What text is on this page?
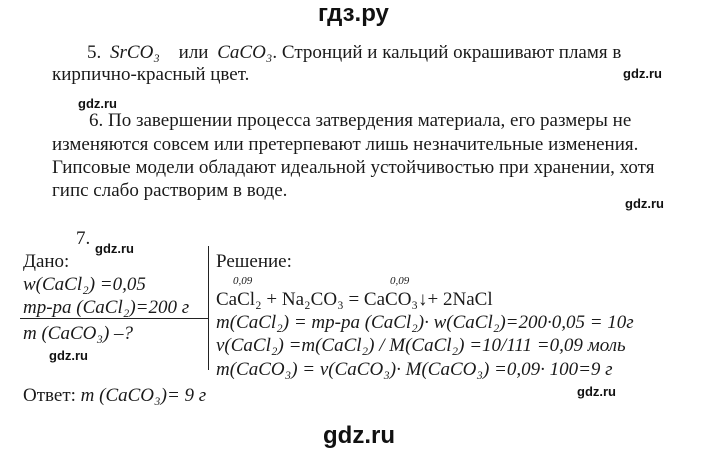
гдз.ру
5. SrCO₃ или CaCO₃. Стронций и кальций окрашивают пламя в
кирпично-красный цвет.	gdz.ru
gdz.ru
6. По завершении процесса затвердения материала, его размеры не
изменяются совсем или претерпевают лишь незначительные изменения.
Гипсовые модели обладают идеальной устойчивостью при хранении, хотя
гипс слабо растворим в воде.
gdz.ru
7. gdz.ru
Дано:
w(CaCl₂) =0,05
mр-ра (CaCl₂)=200 г
m (CaCO₃) –?
Решение:
0,09	0,09
CaCl₂ + Na₂CO₃ = CaCO₃↓+ 2NaCl
m(CaCl₂) = mр-ра (CaCl₂)· w(CaCl₂)=200·0,05 = 10г
ν(CaCl₂) =m(CaCl₂) / M(CaCl₂) =10/111 =0,09 моль
m(CaCO₃) = ν(CaCO₃)· M(CaCO₃) =0,09· 100=9 г
gdz.ru
gdz.ru
Ответ: m (CaCO₃)= 9 г
gdz.ru
